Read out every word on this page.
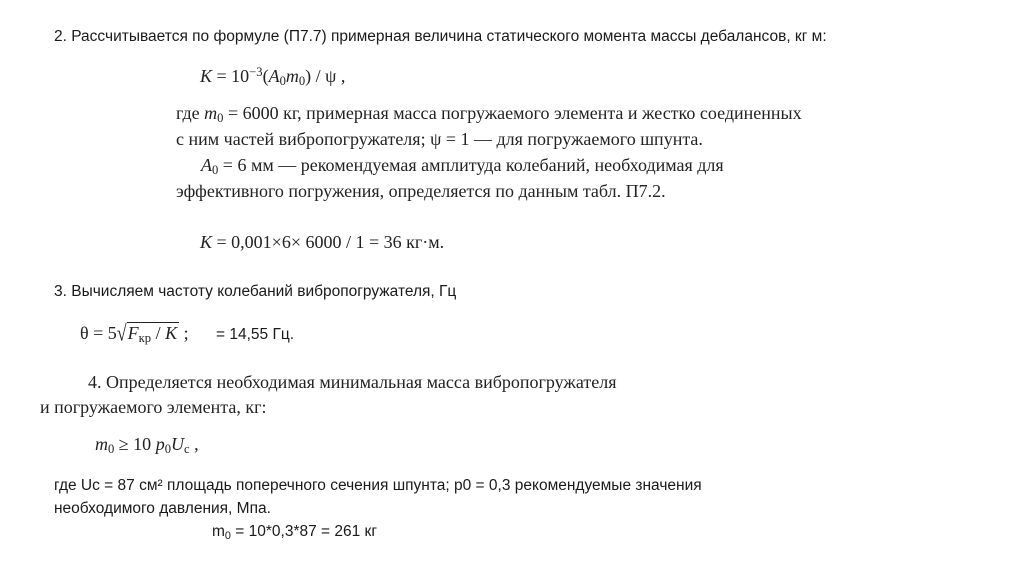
2. Рассчитывается по формуле (П7.7) примерная величина статического момента массы дебалансов, кг м:
$K = 10^{-3}(A_0m_0) / \psi$ ,
где $m_0 = 6000$ кг, примерная масса погружаемого элемента и жестко соединенных
с ним частей вибропогружателя; ψ = 1 — для погружаемого шпунта.
$A_0 = 6$ мм — рекомендуемая амплитуда колебаний, необходимая для
эффективного погружения, определяется по данным табл. П7.2.
K = 0,001×6× 6000 / 1 = 36 кг·м.
3. Вычисляем частоту колебаний вибропогружателя, Гц
$\theta = 5√F_{кр} / K$ ; = 14,55 Гц.
4. Определяется необходимая минимальная масса вибропогружателя
и погружаемого элемента, кг:
$m_0 \ge 10$ $p_0U_c$ ,
где Uc = 87 см² площадь поперечного сечения шпунта; p0 = 0,3 рекомендуемые значения
необходимого давления, Мпа.
$m_0 = 10*0,3*87 = 261$ кг
